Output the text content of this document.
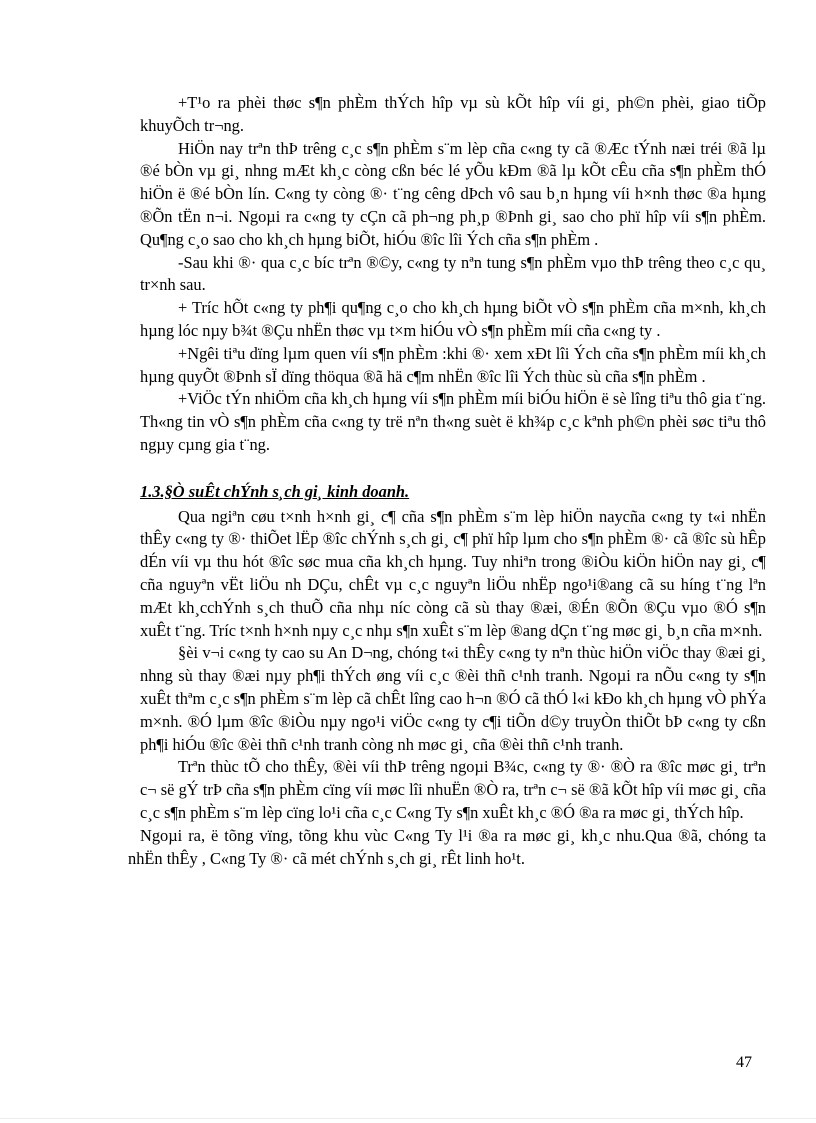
+T¹o ra phèi thøc s¶n phÈm thÝch hîp vµ sù kÕt hîp víi gi¸ ph©n phèi, giao tiÕp khuyÕch tr¬ng.

HiÖn nay trªn thÞ trêng c¸c s¶n phÈm s¨m lèp cña c«ng ty cã ®Æc tÝnh næi tréi ®ã lµ ®é bÒn vµ gi¸ nhng mÆt kh¸c còng cßn béc lé yÕu kÐm ®ã lµ kÕt cÊu cña s¶n phÈm thÓ hiÖn ë ®é bÒn lín. C«ng ty còng ®· t¨ng cêng dÞch vô sau b¸n hµng víi h×nh thøc ®a hµng ®Õn tËn n¬i. Ngoµi ra c«ng ty cÇn cã ph¬ng ph¸p ®Þnh gi¸ sao cho phï hîp víi s¶n phÈm. Qu¶ng c¸o sao cho kh¸ch hµng biÕt, hiÓu ®îc lîi Ých cña s¶n phÈm .

-Sau khi ®· qua c¸c bíc trªn ®©y, c«ng ty nªn tung s¶n phÈm vµo thÞ trêng theo c¸c qu¸ tr×nh sau.

+ Tríc hÕt c«ng ty ph¶i qu¶ng c¸o cho kh¸ch hµng biÕt vÒ s¶n phÈm cña m×nh, kh¸ch hµng lóc nµy b¾t ®Çu nhËn thøc vµ t×m hiÓu vÒ s¶n phÈm míi cña c«ng ty .

+Ngêi tiªu dïng lµm quen víi s¶n phÈm :khi ®· xem xÐt lîi Ých cña s¶n phÈm míi kh¸ch hµng quyÕt ®Þnh sÏ dïng thöqua ®ã hä c¶m nhËn ®îc lîi Ých thùc sù cña s¶n phÈm .

+ViÖc tÝn nhiÖm cña kh¸ch hµng víi s¶n phÈm míi biÓu hiÖn ë sè lîng tiªu thô gia t¨ng. Th«ng tin vÒ s¶n phÈm cña c«ng ty trë nªn th«ng suèt ë kh¾p c¸c kªnh ph©n phèi søc tiªu thô ngµy cµng gia t¨ng.

1.3.§Ò suÊt chÝnh s¸ch gi¸ kinh doanh.

Qua ngiªn cøu t×nh h×nh gi¸ c¶ cña s¶n phÈm s¨m lèp hiÖn naycña c«ng ty t«i nhËn thÊy c«ng ty ®· thiÕet lËp ®îc chÝnh s¸ch gi¸ c¶ phï hîp lµm cho s¶n phÈm ®· cã ®îc sù hÊp dÉn víi vµ thu hót ®îc søc mua cña kh¸ch hµng. Tuy nhiªn trong ®iÒu kiÖn hiÖn nay gi¸ c¶ cña nguyªn vËt liÖu nh DÇu, chÊt vµ c¸c nguyªn liÖu nhËp ngo¹i®ang cã su híng t¨ng lªn mÆt kh¸cchÝnh s¸ch thuÕ cña nhµ níc còng cã sù thay ®æi, ®Én ®Õn ®Çu vµo ®Ó s¶n xuÊt t¨ng. Tríc t×nh h×nh nµy c¸c nhµ s¶n xuÊt s¨m lèp ®ang dÇn t¨ng møc gi¸ b¸n cña m×nh.

§èi v¬i c«ng ty cao su An D¬ng, chóng t«i thÊy c«ng ty nªn thùc hiÖn viÖc thay ®æi gi¸ nhng sù thay ®æi nµy ph¶i thÝch øng víi c¸c ®èi thñ c¹nh tranh. Ngoµi ra nÕu c«ng ty s¶n xuÊt thªm c¸c s¶n phÈm s¨m lèp cã chÊt lîng cao h¬n ®Ó cã thÓ l«i kÐo kh¸ch hµng vÒ phÝa m×nh. ®Ó lµm ®îc ®iÒu nµy ngo¹i viÖc c«ng ty c¶i tiÕn d©y truyÒn thiÕt bÞ c«ng ty cßn ph¶i hiÓu ®îc ®èi thñ c¹nh tranh còng nh møc gi¸ cña ®èi thñ c¹nh tranh.

Trªn thùc tÕ cho thÊy, ®èi víi thÞ trêng ngoµi B¾c, c«ng ty ®· ®Ò ra ®îc møc gi¸ trªn c¬ së gÝ trÞ cña s¶n phÈm cïng víi møc lîi nhuËn ®Ò ra, trªn c¬ së ®ã kÕt hîp víi møc gi¸ cña c¸c s¶n phÈm s¨m lèp cïng lo¹i cña c¸c C«ng Ty s¶n xuÊt kh¸c ®Ó ®a ra møc gi¸ thÝch hîp.

Ngoµi ra, ë tõng vïng, tõng khu vùc C«ng Ty l¹i ®a ra møc gi¸ kh¸c nhu.Qua ®ã, chóng ta nhËn thÊy , C«ng Ty ®· cã mét chÝnh s¸ch gi¸ rÊt linh ho¹t.

47
